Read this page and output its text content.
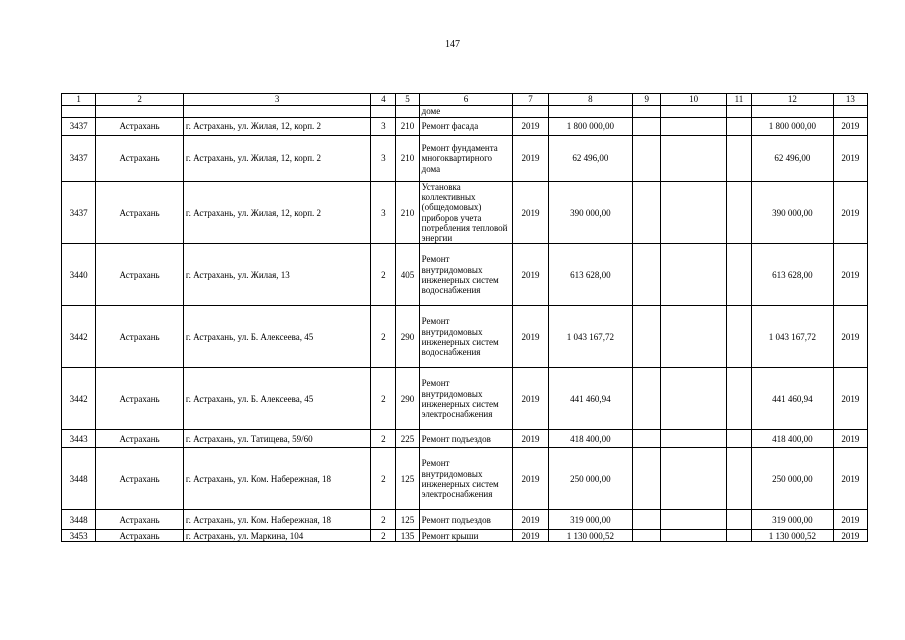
147
1	2	3	4	5	6	7	8	9	10	11	12	13
					доме							
3437	Астрахань	г. Астрахань, ул. Жилая, 12, корп. 2	3	210	Ремонт фасада	2019	1 800 000,00				1 800 000,00	2019
3437	Астрахань	г. Астрахань, ул. Жилая, 12, корп. 2	3	210	Ремонт фундамента многоквартирного дома	2019	62 496,00				62 496,00	2019
3437	Астрахань	г. Астрахань, ул. Жилая, 12, корп. 2	3	210	Установка коллективных (общедомовых) приборов учета потребления тепловой энергии	2019	390 000,00				390 000,00	2019
3440	Астрахань	г. Астрахань, ул. Жилая, 13	2	405	Ремонт внутридомовых инженерных систем водоснабжения	2019	613 628,00				613 628,00	2019
3442	Астрахань	г. Астрахань, ул. Б. Алексеева, 45	2	290	Ремонт внутридомовых инженерных систем водоснабжения	2019	1 043 167,72				1 043 167,72	2019
3442	Астрахань	г. Астрахань, ул. Б. Алексеева, 45	2	290	Ремонт внутридомовых инженерных систем электроснабжения	2019	441 460,94				441 460,94	2019
3443	Астрахань	г. Астрахань, ул. Татищева, 59/60	2	225	Ремонт подъездов	2019	418 400,00				418 400,00	2019
3448	Астрахань	г. Астрахань, ул. Ком. Набережная, 18	2	125	Ремонт внутридомовых инженерных систем электроснабжения	2019	250 000,00				250 000,00	2019
3448	Астрахань	г. Астрахань, ул. Ком. Набережная, 18	2	125	Ремонт подъездов	2019	319 000,00				319 000,00	2019
3453	Астрахань	г. Астрахань, ул. Маркина, 104	2	135	Ремонт крыши	2019	1 130 000,52				1 130 000,52	2019
